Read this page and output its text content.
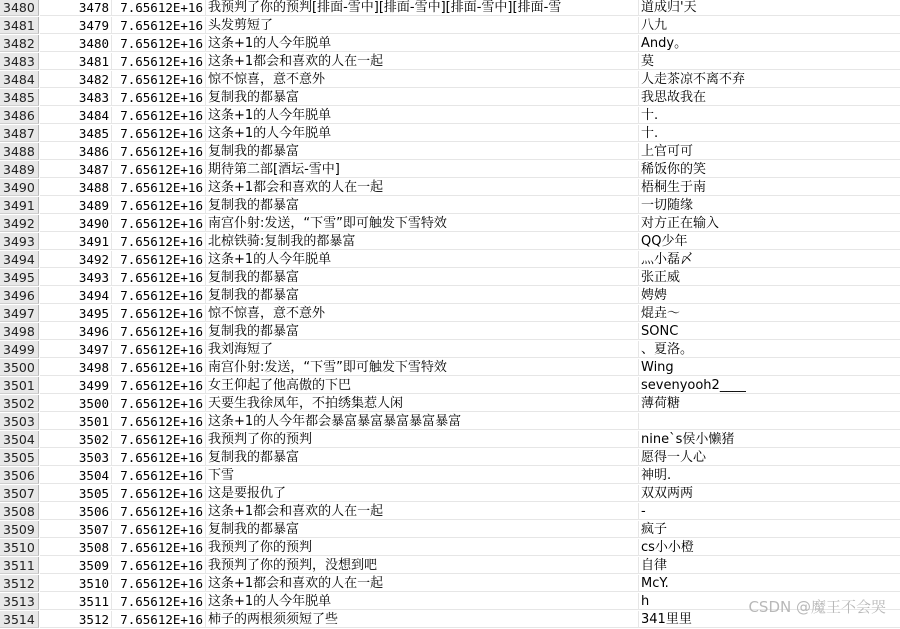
3480	3478 7.65612E+16 我预判了你的预判[排面-雪中][排面-雪中][排面-雪中][排面-雪	道成归'天
3481	3479 7.65612E+16 头发剪短了	八九
3482	3480 7.65612E+16 这条+1的人今年脱单	Andy。
3483	3481 7.65612E+16 这条+1都会和喜欢的人在一起	莫
3484	3482 7.65612E+16 惊不惊喜，意不意外	人走茶凉不离不弃
3485	3483 7.65612E+16 复制我的都暴富	我思故我在
3486	3484 7.65612E+16 这条+1的人今年脱单	十.
3487	3485 7.65612E+16 这条+1的人今年脱单	十.
3488	3486 7.65612E+16 复制我的都暴富	上官可可
3489	3487 7.65612E+16 期待第二部[酒坛-雪中]	稀饭你的笑
3490	3488 7.65612E+16 这条+1都会和喜欢的人在一起	梧桐生于南
3491	3489 7.65612E+16 复制我的都暴富	一切随缘
3492	3490 7.65612E+16 南宫仆射:发送，“下雪”即可触发下雪特效	对方正在输入
3493	3491 7.65612E+16 北椋铁骑:复制我的都暴富	QQ少年
3494	3492 7.65612E+16 这条+1的人今年脱单	灬小磊〆
3495	3493 7.65612E+16 复制我的都暴富	张正威
3496	3494 7.65612E+16 复制我的都暴富	娉娉
3497	3495 7.65612E+16 惊不惊喜，意不意外	焜垚～
3498	3496 7.65612E+16 复制我的都暴富	SONC
3499	3497 7.65612E+16 我刘海短了	、夏洛。
3500	3498 7.65612E+16 南宫仆射:发送，“下雪”即可触发下雪特效	Wing
3501	3499 7.65612E+16 女王仰起了他高傲的下巴	sevenyooh2____
3502	3500 7.65612E+16 天要生我徐凤年，不拍绣集惹人闲	薄荷糖
3503	3501 7.65612E+16 这条+1的人今年都会暴富暴富暴富暴富暴富
3504	3502 7.65612E+16 我预判了你的预判	nine`s侯小懒猪
3505	3503 7.65612E+16 复制我的都暴富	愿得一人心
3506	3504 7.65612E+16 下雪	神明.
3507	3505 7.65612E+16 这是要报仇了	双双两两
3508	3506 7.65612E+16 这条+1都会和喜欢的人在一起	-
3509	3507 7.65612E+16 复制我的都暴富	疯子
3510	3508 7.65612E+16 我预判了你的预判	cs小小橙
3511	3509 7.65612E+16 我预判了你的预判，没想到吧	自律
3512	3510 7.65612E+16 这条+1都会和喜欢的人在一起	McY.
3513	3511 7.65612E+16 这条+1的人今年脱单	h
3514	3512 7.65612E+16 柿子的两根须须短了些	341里里
CSDN @魔王不会哭
